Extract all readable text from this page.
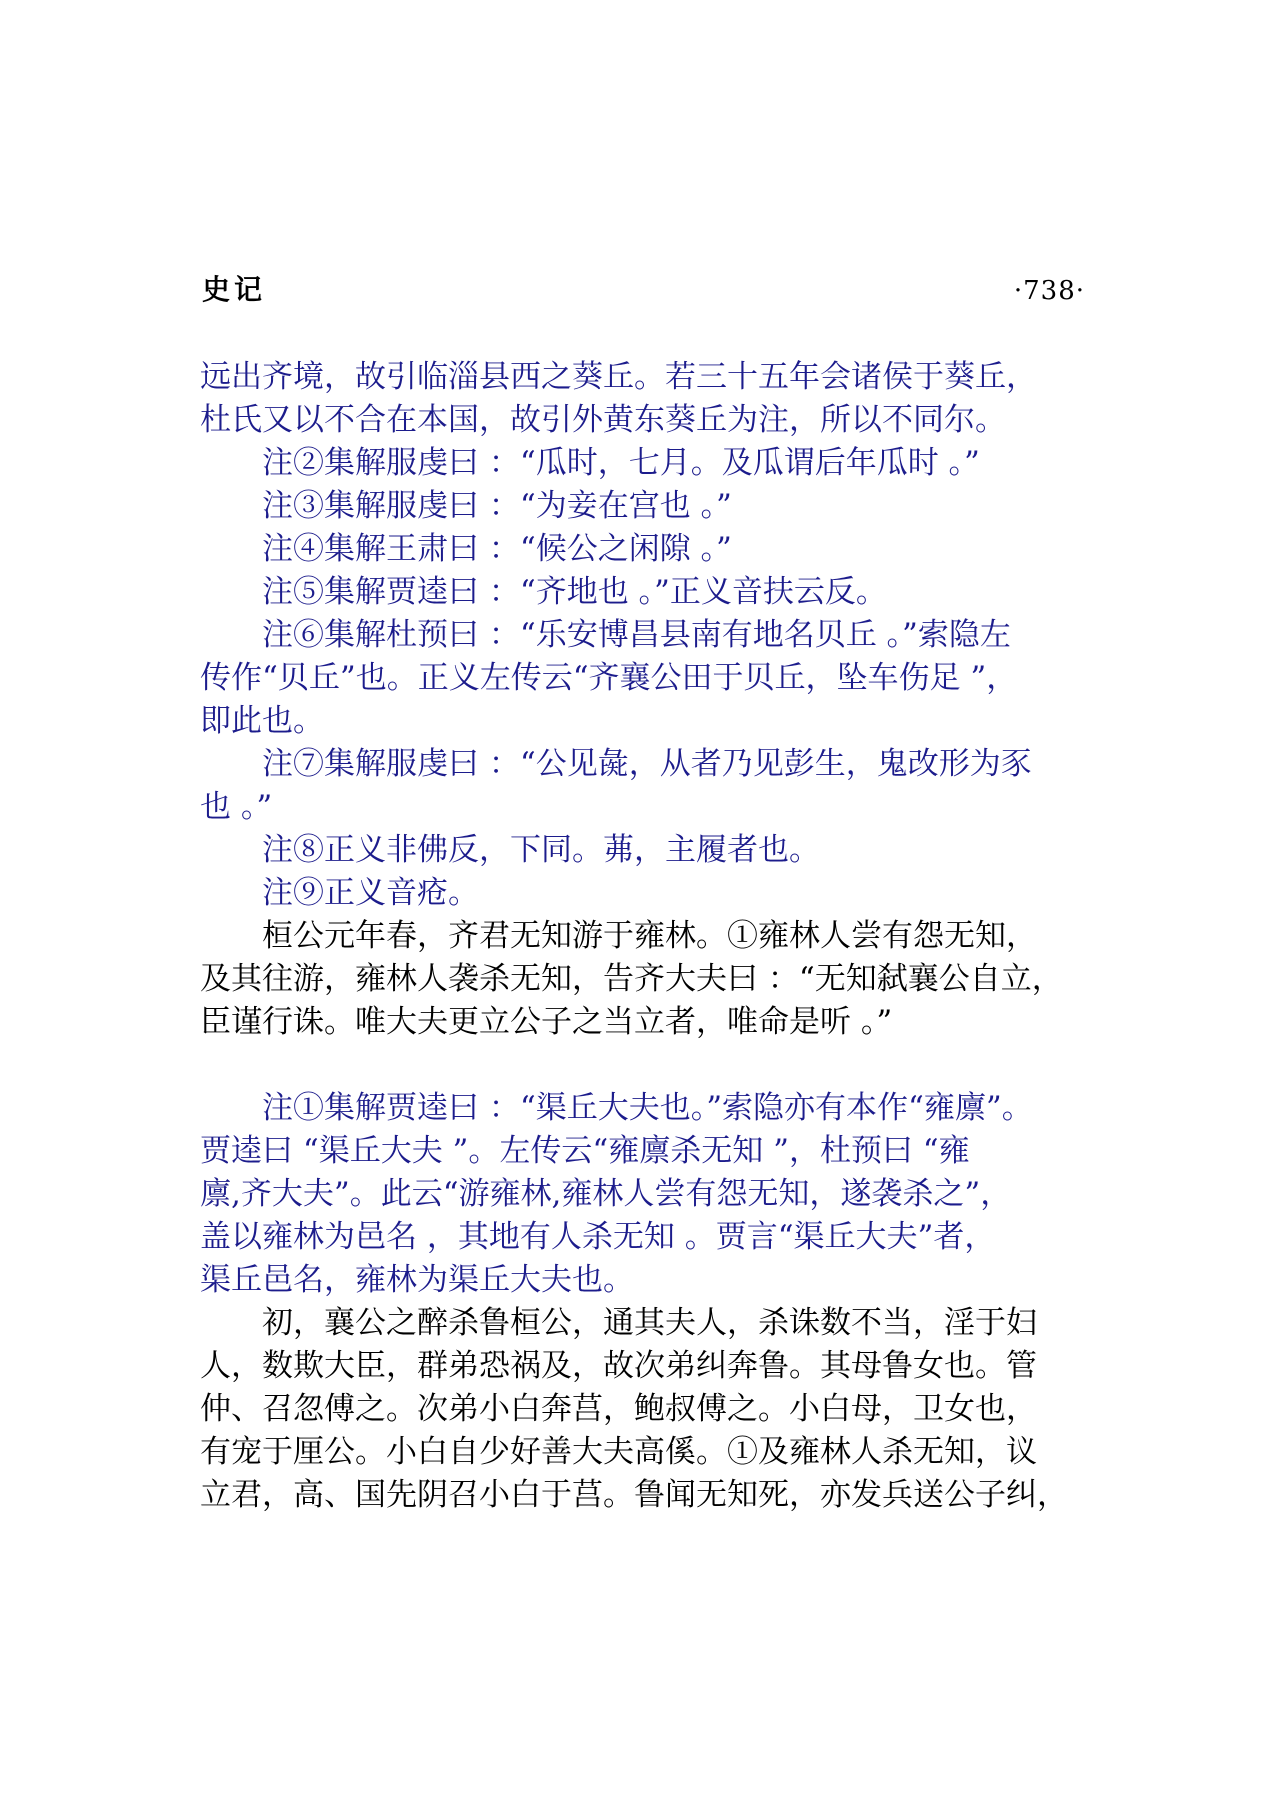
史记	·738·
远出齐境，故引临淄县西之葵丘。若三十五年会诸侯于葵丘，
杜氏又以不合在本国，故引外黄东葵丘为注，所以不同尔。
　　注②集解服虔曰 ：“瓜时，七月。及瓜谓后年瓜时 。”
　　注③集解服虔曰 ：“为妾在宫也 。”
　　注④集解王肃曰 ：“候公之闲隙 。”
　　注⑤集解贾逵曰 ：“齐地也 。”正义音扶云反。
　　注⑥集解杜预曰 ：“乐安博昌县南有地名贝丘 。”索隐左
传作“贝丘”也。正义左传云“齐襄公田于贝丘，坠车伤足 ”，
即此也。
　　注⑦集解服虔曰 ：“公见彘，从者乃见彭生，鬼改形为豕
也 。”
　　注⑧正义非佛反，下同。茀，主履者也。
　　注⑨正义音疮。
　　桓公元年春，齐君无知游于雍林。①雍林人尝有怨无知，
及其往游，雍林人袭杀无知，告齐大夫曰 ：“无知弑襄公自立，
臣谨行诛。唯大夫更立公子之当立者，唯命是听 。”
　　注①集解贾逵曰 ：“渠丘大夫也。”索隐亦有本作“雍廪”。
贾逵曰 “渠丘大夫 ”。左传云“雍廪杀无知 ”，杜预曰 “雍
廪,齐大夫”。此云“游雍林,雍林人尝有怨无知，遂袭杀之”，
盖以雍林为邑名 ，其地有人杀无知 。贾言“渠丘大夫”者，
渠丘邑名，雍林为渠丘大夫也。
　　初，襄公之醉杀鲁桓公，通其夫人，杀诛数不当，淫于妇
人，数欺大臣，群弟恐祸及，故次弟纠奔鲁。其母鲁女也。管
仲、召忽傅之。次弟小白奔莒，鲍叔傅之。小白母，卫女也，
有宠于厘公。小白自少好善大夫高傒。①及雍林人杀无知，议
立君，高、国先阴召小白于莒。鲁闻无知死，亦发兵送公子纠，
